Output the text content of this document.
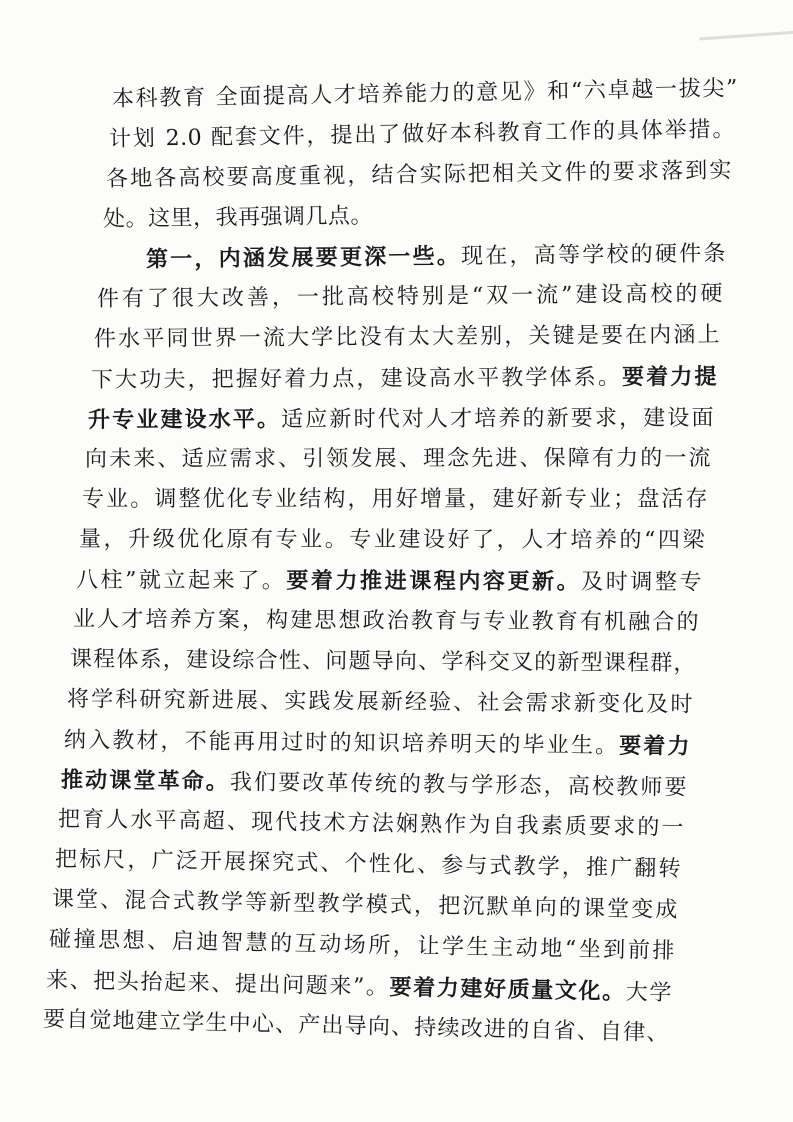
本科教育 全面提高人才培养能力的意见》和“六卓越一拔尖”
计划 2.0 配套文件，提出了做好本科教育工作的具体举措。
各地各高校要高度重视，结合实际把相关文件的要求落到实
处。这里，我再强调几点。
第一，内涵发展要更深一些。现在，高等学校的硬件条
件有了很大改善，一批高校特别是“双一流”建设高校的硬
件水平同世界一流大学比没有太大差别，关键是要在内涵上
下大功夫，把握好着力点，建设高水平教学体系。要着力提
升专业建设水平。适应新时代对人才培养的新要求，建设面
向未来、适应需求、引领发展、理念先进、保障有力的一流
专业。调整优化专业结构，用好增量，建好新专业；盘活存
量，升级优化原有专业。专业建设好了，人才培养的“四梁
八柱”就立起来了。要着力推进课程内容更新。及时调整专
业人才培养方案，构建思想政治教育与专业教育有机融合的
课程体系，建设综合性、问题导向、学科交叉的新型课程群，
将学科研究新进展、实践发展新经验、社会需求新变化及时
纳入教材，不能再用过时的知识培养明天的毕业生。要着力
推动课堂革命。我们要改革传统的教与学形态，高校教师要
把育人水平高超、现代技术方法娴熟作为自我素质要求的一
把标尺，广泛开展探究式、个性化、参与式教学，推广翻转
课堂、混合式教学等新型教学模式，把沉默单向的课堂变成
碰撞思想、启迪智慧的互动场所，让学生主动地“坐到前排
来、把头抬起来、提出问题来”。要着力建好质量文化。大学
要自觉地建立学生中心、产出导向、持续改进的自省、自律、
